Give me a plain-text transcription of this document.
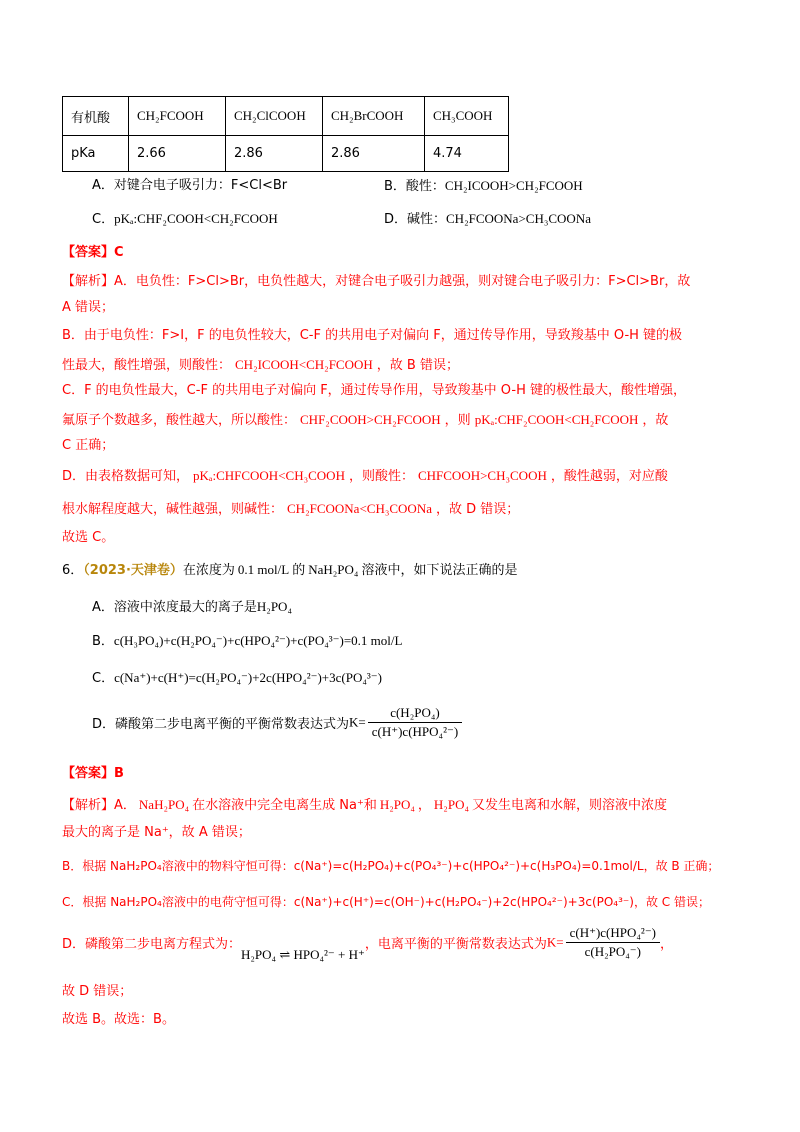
有机酸	CH₂FCOOH	CH₂ClCOOH	CH₂BrCOOH	CH₃COOH
pKa	2.66	2.86	2.86	4.74
A．对键合电子吸引力：F<Cl<Br	B．酸性：CH₂ICOOH>CH₂FCOOH
C．pKₐ:CHF₂COOH<CH₂FCOOH	D．碱性：CH₂FCOONa>CH₃COONa
【答案】C
【解析】A．电负性：F>Cl>Br，电负性越大，对键合电子吸引力越强，则对键合电子吸引力：F>Cl>Br，故
A 错误；
B．由于电负性：F>I，F 的电负性较大，C-F 的共用电子对偏向 F，通过传导作用，导致羧基中 O-H 键的极
性最大，酸性增强，则酸性： CH₂ICOOH<CH₂FCOOH ，故 B 错误；
C．F 的电负性最大，C-F 的共用电子对偏向 F，通过传导作用，导致羧基中 O-H 键的极性最大，酸性增强，
氟原子个数越多，酸性越大，所以酸性： CHF₂COOH>CH₂FCOOH ，则 pKₐ:CHF₂COOH<CH₂FCOOH ，故
C 正确；
D．由表格数据可知， pKₐ:CHFCOOH<CH₃COOH ，则酸性： CHFCOOH>CH₃COOH ，酸性越弱，对应酸
根水解程度越大，碱性越强，则碱性： CH₂FCOONa<CH₃COONa ，故 D 错误；
故选 C。
6．（2023·天津卷）在浓度为 0.1 mol/L 的 NaH₂PO₄ 溶液中，如下说法正确的是
A．溶液中浓度最大的离子是H₂PO₄
B．c(H₃PO₄)+c(H₂PO₄⁻)+c(HPO₄²⁻)+c(PO₄³⁻)=0.1 mol/L
C．c(Na⁺)+c(H⁺)=c(H₂PO₄⁻)+2c(HPO₄²⁻)+3c(PO₄³⁻)
D．磷酸第二步电离平衡的平衡常数表达式为$K= \frac{\text{c(H₂PO₄)}}{\text{c(H⁺)c(HPO₄²⁻)}}$
【答案】B
【解析】A． NaH₂PO₄ 在水溶液中完全电离生成 Na⁺和 H₂PO₄ ， H₂PO₄ 又发生电离和水解，则溶液中浓度
最大的离子是 Na⁺，故 A 错误；
B．根据 NaH₂PO₄溶液中的物料守恒可得：c(Na⁺)=c(H₂PO₄)+c(PO₄³⁻)+c(HPO₄²⁻)+c(H₃PO₄)=0.1mol/L，故 B 正确；
C．根据 NaH₂PO₄溶液中的电荷守恒可得：c(Na⁺)+c(H⁺)=c(OH⁻)+c(H₂PO₄⁻)+2c(HPO₄²⁻)+3c(PO₄³⁻)，故 C 错误；
D．磷酸第二步电离方程式为：H₂PO₄ ⇌ HPO₄²⁻ + H⁺，电离平衡的平衡常数表达式为$K= \frac{\text{c(H⁺)c(HPO₄²⁻)}}{\text{c(H₂PO₄⁻)}}$ ，
故 D 错误；
故选 B。故选：B。
